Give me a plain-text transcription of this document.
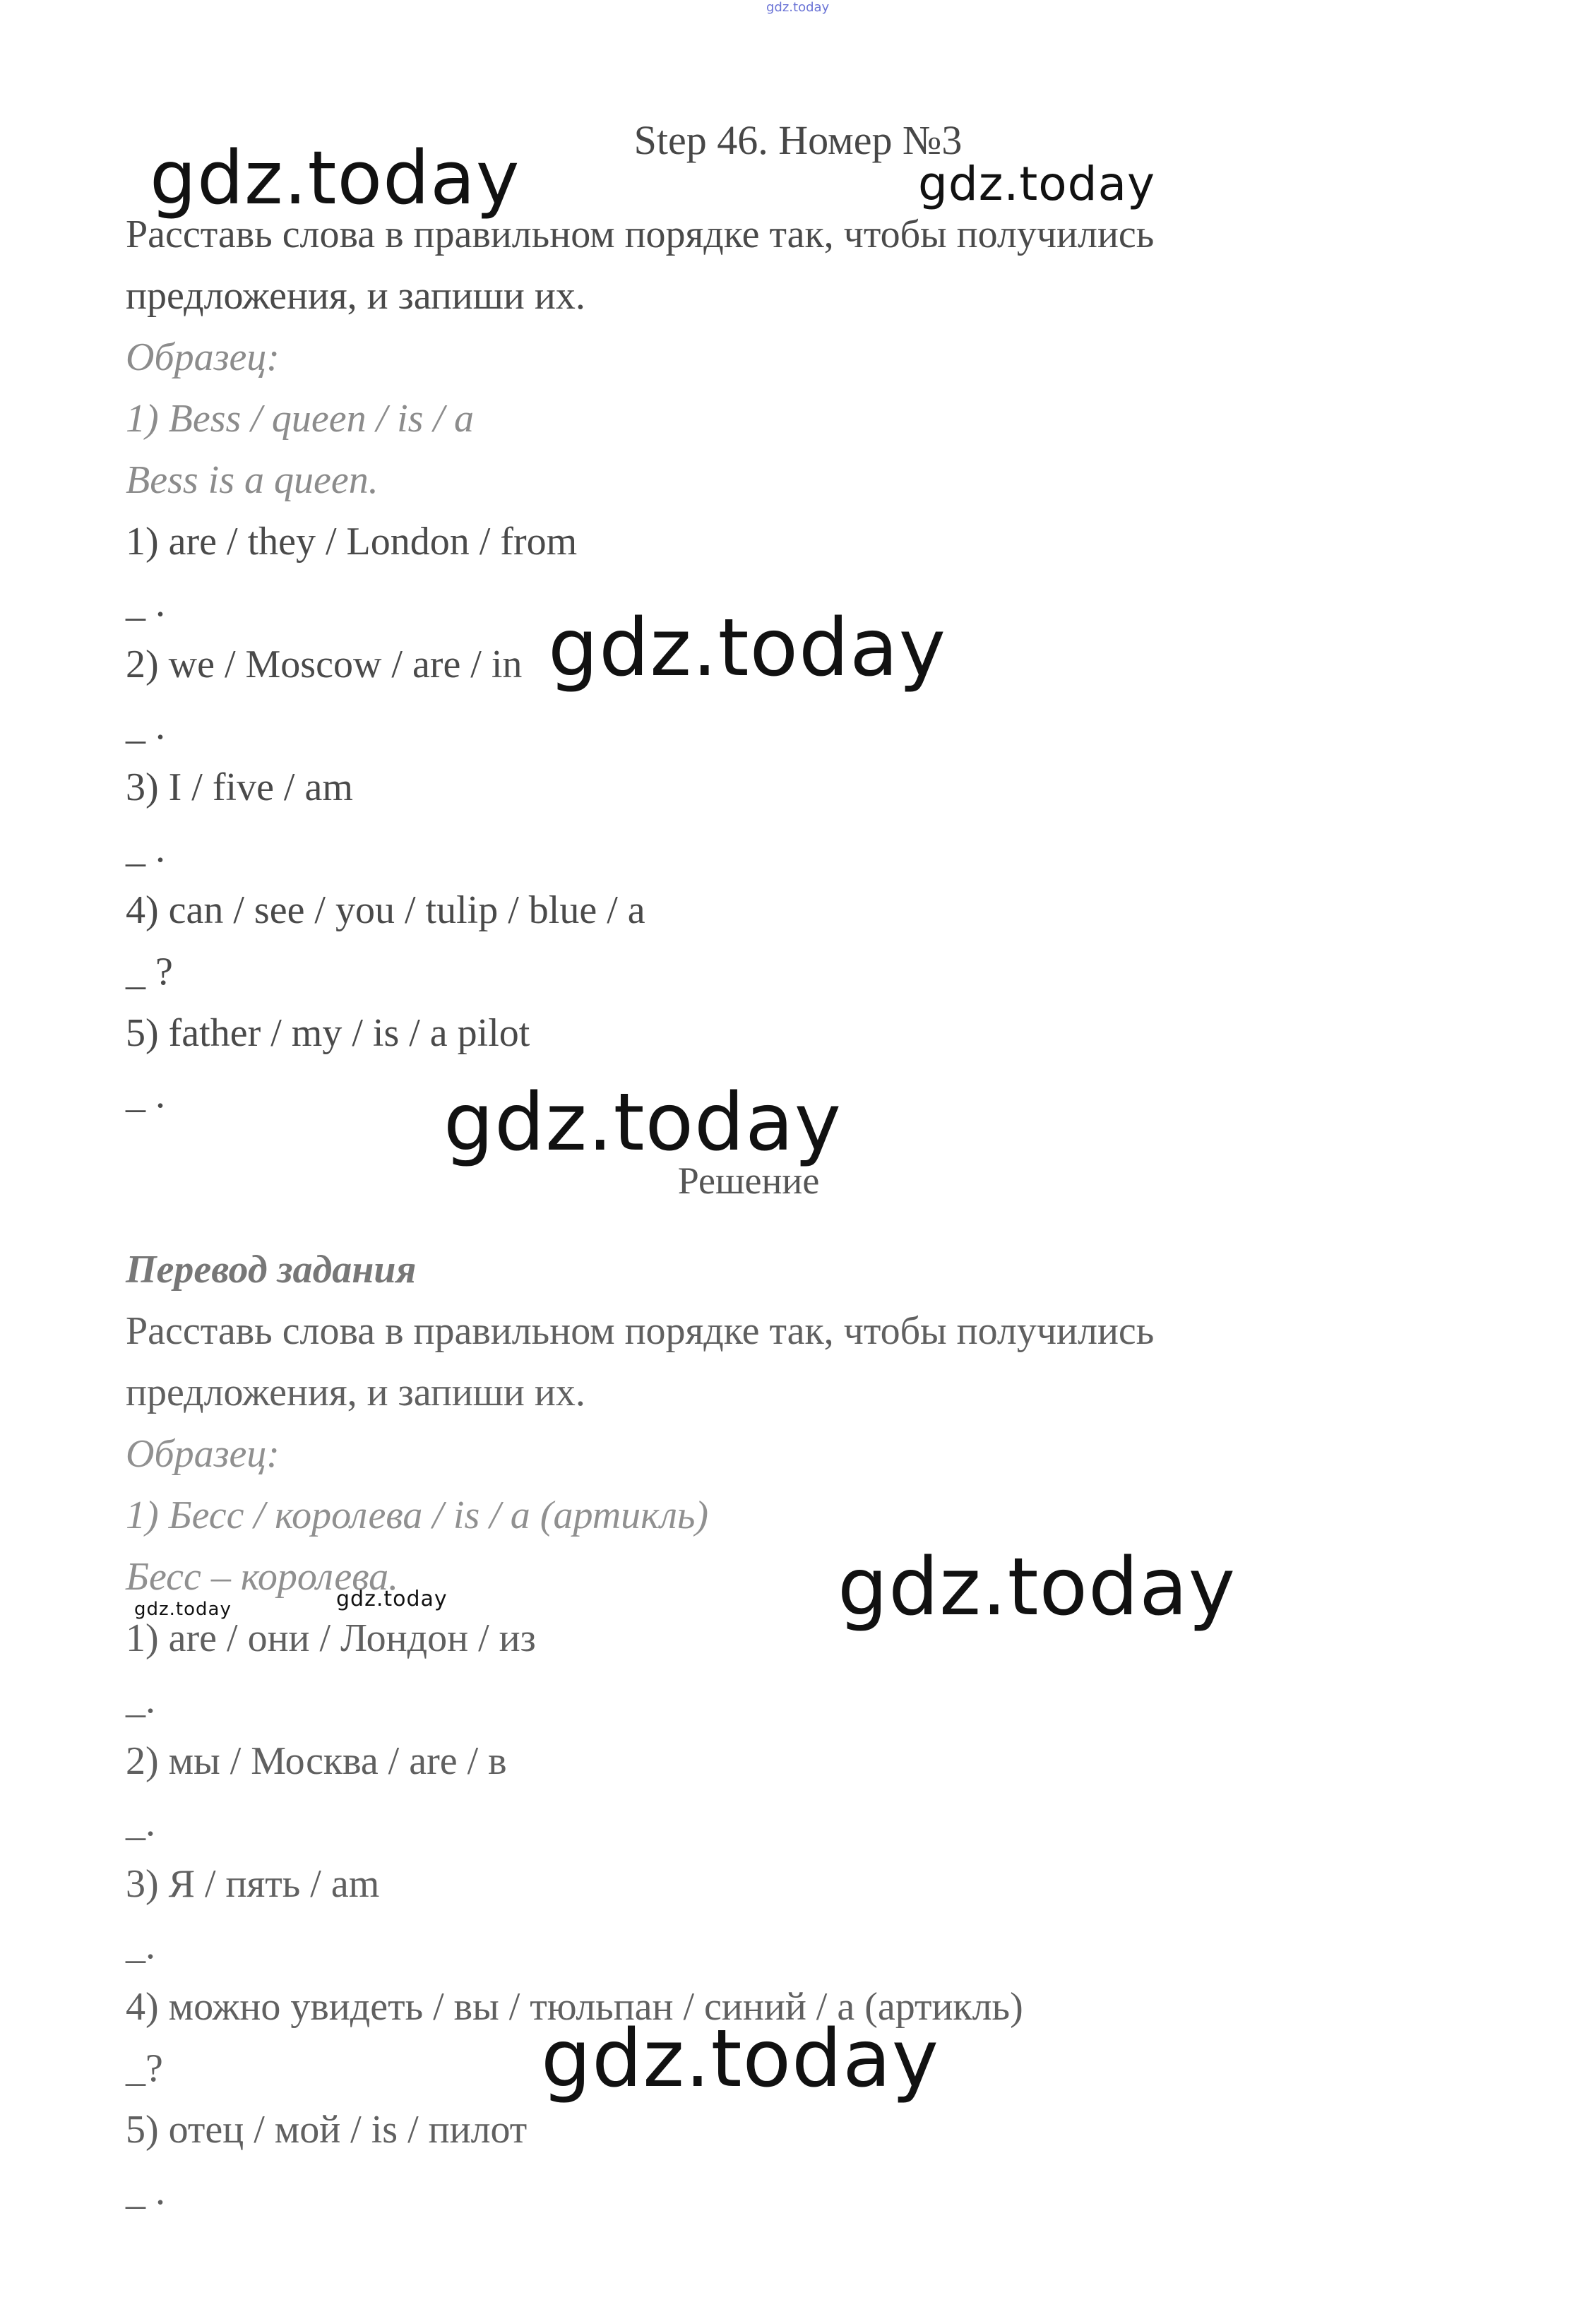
gdz.today

Step 46. Номер №3

Расставь слова в правильном порядке так, чтобы получились

предложения, и запиши их.

Образец:

1) Bess / queen / is / a

Bess is a queen.

1) are / they / London / from

_ .

2) we / Moscow / are / in

_ .

3) I / five / am

_ .

4) can / see / you / tulip / blue / a

_ ?

5) father / my / is / a pilot

_ .

Решение

Перевод задания

Расставь слова в правильном порядке так, чтобы получились

предложения, и запиши их.

Образец:

1) Бесс / королева / is / a (артикль)

Бесс – королева.

1) are / они / Лондон / из

_.

2) мы / Москва / are / в

_.

3) Я / пять / am

_.

4) можно увидеть / вы / тюльпан / синий / a (артикль)

_?

5) отец / мой / is / пилот

_ .

gdz.today	gdz.today

gdz.today

gdz.today

gdz.today

gdz.today	gdz.today

gdz.today
